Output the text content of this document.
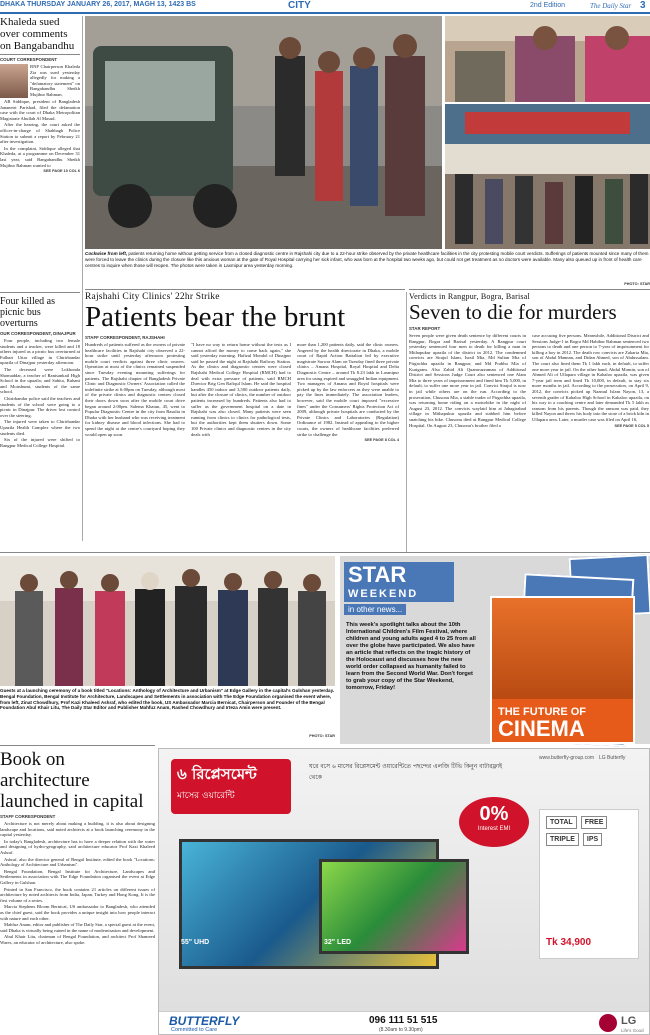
DHAKA THURSDAY JANUARY 26, 2017, MAGH 13, 1423 BS	CITY	2nd Edition	The Daily Star 3
Khaleda sued over comments on Bangabandhu
COURT CORRESPONDENT
BNP Chairperson Khaleda Zia was sued yesterday allegedly for making a "defamatory statement" on Bangabandhu Sheikh Mujibur Rahman.

AB Siddique, president of Bangladesh Jananetri Parishad, filed the defamation case with the court of Dhaka Metropolitan Magistrate Abullah Al Masud.

After the hearing, the court asked the officer-in-charge of Shahbagh Police Station to submit a report by February 21 after investigation.

In the complaint, Siddique alleged that Khaleda, at a programme on December 31 last year, said Bangabandhu Sheikh Mujibur Rahman wanted to

SEE PAGE 10 COL 6
Four killed as picnic bus overturns
OUR CORRESPONDENT, DINAJPUR

Four people, including two female students and a teacher, were killed and 18 others injured as a picnic bus overturned at Fulbari Uttar village in Chirirbandar upazila of Dinajpur yesterday afternoon.

The deceased were Lokhonda Shomaddar, a teacher of Ranisankail High School in the upazila; and Sabita, Ruhani and Moushumi, students of the same school.

Chirirbandar police said the teachers and students of the school were going to a picnic in Dinajpur. The driver lost control over the steering.

The injured were taken to Chirirbandar Upazila Health Complex where the two students died.

Six of the injured were shifted to Rangpur Medical College Hospital.

Cockwise from left, patients returning home without getting service from a closed diagnostic centre in Rajshahi city due to a 22-hour strike observed by the private healthcare facilities in the city protesting mobile court verdicts. Sufferings of patients mounted since many of them were forced to leave the clinics during the closure like this anxious woman at the gate of Royal Hospital carrying her sick infant, who was born at the hospital two weeks ago, but could not get treatment as no doctors were available. Many also queued up in front of health care centres to inquire when those will reopen. The photos were taken in Laxmipur area yesterday morning.
PHOTO: STAR
Rajshahi City Clinics' 22hr Strike
Patients bear the brunt
STAFF CORRESPONDENT, RAJSHAHI
Hundreds of patients suffered as the owners of private healthcare facilities in Rajshahi city observed a 22-hour strike until yesterday afternoon protesting mobile court verdicts against three clinic owners. Operation at most of the clinics remained suspended since Tuesday evening mounting sufferings for patients. The Rajshahi chapter of Bangladesh Private Clinic and Diagnostic Owners' Association called the indefinite strike at 6:00pm on Tuesday, although most of the private clinics and diagnostic centres closed their doors down soon after the mobile court drive began around 2:00pm. Salema Khatun, 45, went to Popular Diagnostic Centre in the city from Rasulia in Dhaka with her husband who was receiving treatment for kidney disease and blood infections. She had to spend the night at the centre's courtyard hoping they would open up soon.
"I have no way to return home without the tests as I cannot afford the money to come back again," she said yesterday morning. Hafizul Mondol of Dinajpur said he passed the night at Rajshahi Railway Station. As the clinics and diagnostic centres were closed Rajshahi Medical College Hospital (RMCH) had to deal with extra pressure of patients, said RMCH Director Brig Gen Rafiqul Islam. He said the hospital handles 450 indoor and 3,500 outdoor patients daily, but after the closure of clinics, the number of outdoor patients increased by hundreds. Patients also had to suffer as the government hospital on a date in Rajshahi was also closed. Many patients were seen running from clinics to clinics for pathological tests, but the authorities kept them shutters down. Some 100 Private clinics and diagnostic centres in the city deals with
more than 1,200 patients daily, said the clinic owners. Angered by the health directorate in Dhaka, a mobile court of Rapid Action Battalion led by executive magistrate Sarwar Alam on Tuesday fined three private clinics – Amana Hospital, Royal Hospital and Delta Diagnostic Centre – around Tk 8.23 lakh in Laxmipur area for using expired and smuggled Indian equipment. Two managers of Amana and Royal hospitals were picked up by the law enforcers as they were unable to pay the fines immediately. The association leaders, however, said the mobile court imposed "excessive fines" under the Consumers' Rights Protection Act of 2009, although private hospitals are conducted by the Private Clinics and Laboratories (Regulation) Ordinance of 1982. Instead of appealing to the higher courts, the owners of healthcare facilities preferred strike to challenge the
SEE PAGE 8 COL 4
Verdicts in Rangpur, Bogra, Barisal
Seven to die for murders
STAR REPORT
Seven people were given death sentence by different courts in Rangpur, Bogra and Barisal yesterday. A Rangpur court yesterday sentenced four men to death for killing a man in Mithapukur upazila of the district in 2012. The condemned convicts are Sirajul Islam, Israil Mia, Md Sultan Mia of Pirgachha upazila in Rangpur, and Md Prabhu Mia of Kurigram. Also Zahid Ali Quamruzzaman of Additional District and Sessions Judge Court also sentenced one Alam Mia to three years of imprisonment and fined him Tk 5,000, in default, to suffer one more year in jail. Convict Sirajul is now in jail while others are on the run. According to the prosecution, Chusonu Mia, a stable trader of Pirgachha upazila, was returning home riding on a motorbike in the night of August 23, 2012. The convicts waylaid him at Jahagirabad village in Mithapukur upazila and stabbed him before snatching his bike. Chusonu died at Rangpur Medical College Hospital. On August 23, Chusonu's brother filed a
case accusing five persons. Meanwhile, Additional District and Sessions Judge-1 in Bogra Md Habibur Rahman sentenced two persons to death and one person to 7-year of imprisonment for killing a boy in 2012. The death row convicts are Zakaria Mia, son of Abdul Mannan, and Didan Ahmed, son of Abdussalam. The court also fined them Tk 1 lakh each, in default, to suffer one more year in jail. On the other hand, Abdul Momin, son of Ahmed Ali of Ullapara village in Kahaloo upazila, was given 7-year jail term and fined Tk 10,000, in default, to stay six more months in jail. According to the prosecution, on April 9, 2012, the convicts picked up Nazmul Islam Nayon, 13, a seventh grader of Kahaloo High School in Kahaloo upazila, on his way to a coaching centre and later demanded Tk 5 lakh as ransom from his parents. Though the ransom was paid, they killed Nayon and threw his body into the store of a brick kiln in Ullapara area. Later, a murder case was filed on April 16,
SEE PAGE 5 COL 5
Guests at a launching ceremony of a book titled "Locations: Anthology of Architecture and Urbanism" at Edge Gallery in the capital's Gulshan yesterday. Bengal Foundation, Bengal Institute for Architecture, Landscapes and Settlements in association with The Edge Foundation organised the event where, from left, Zinat Chowdhury, Prof Kazi Khaleed Ashraf, who edited the book, US Ambassador Marcia Bernicat, Chairperson and Founder of the Bengal Foundation Abul Khair Litu, The Daily Star Editor and Publisher Mahfuz Anam, Rashed Chowdhury and Irteza Amin were present.
PHOTO: STAR
STAR
WEEKEND
in other news...
This week's spotlight talks about the 10th International Children's Film Festival, where children and young adults aged 4 to 25 from all over the globe have participated. We also have an article that reflects on the tragic history of the Holocaust and discusses how the new world order collapsed as humanity failed to learn from the Second World War. Don't forget to grab your copy of the Star Weekend, tomorrow, Friday!
THE FUTURE OF
CINEMA
Book on architecture launched in capital
STAFF CORRESPONDENT

Architecture is not merely about making a building, it is also about designing landscape and locations, said noted architects at a book launching ceremony in the capital yesterday.

In today's Bangladesh, architecture has to have a deeper relation with the water and designing of hydro-geography, said architecture educator Prof Kazi Khaleed Ashraf.

Ashraf, also the director general of Bengal Institute, edited the book "Locations: Anthology of Architecture and Urbanism".

Bengal Foundation, Bengal Institute for Architecture, Landscapes and Settlements in association with The Edge Foundation organised the event at Edge Gallery in Gulshan.

Printed in San Francisco, the book contains 21 articles on different issues of architecture by noted architects from India, Japan, Turkey and Hong Kong. It is the first volume of a series.

Marcia Stephens Bloom Bernicat, US ambassador to Bangladesh, who attended as the chief guest, said the book provides a unique insight into how people interact with nature and each other.

Mahfuz Anam, editor and publisher of The Daily Star, a special guest at the event, said Dhaka is virtually being ruined in the name of modernisation and development.

Abul Khair Litu, chairman of Bengal Foundation, and architect Prof Shameed Wares, an educator of architecture, also spoke.

৬ রিপ্লেসমেন্ট
মাসের ওয়ারেন্টি
ঘরে বসে ৬ মাসের রিপ্লেসমেন্ট ওয়ারেন্টিতে পছন্দের এলজি টিভি কিনুন বাটারফ্লাই থেকে
www.butterfly-group.com LG Butterfly
0%
Interest EMI
55" UHD	32" LED
TOTAL	FREE
TRIPLE	IPS
Tk 34,900
BUTTERFLY
Committed to Care
096 111 51 515
(8.30am to 9.30pm)
LG
Life's Good
